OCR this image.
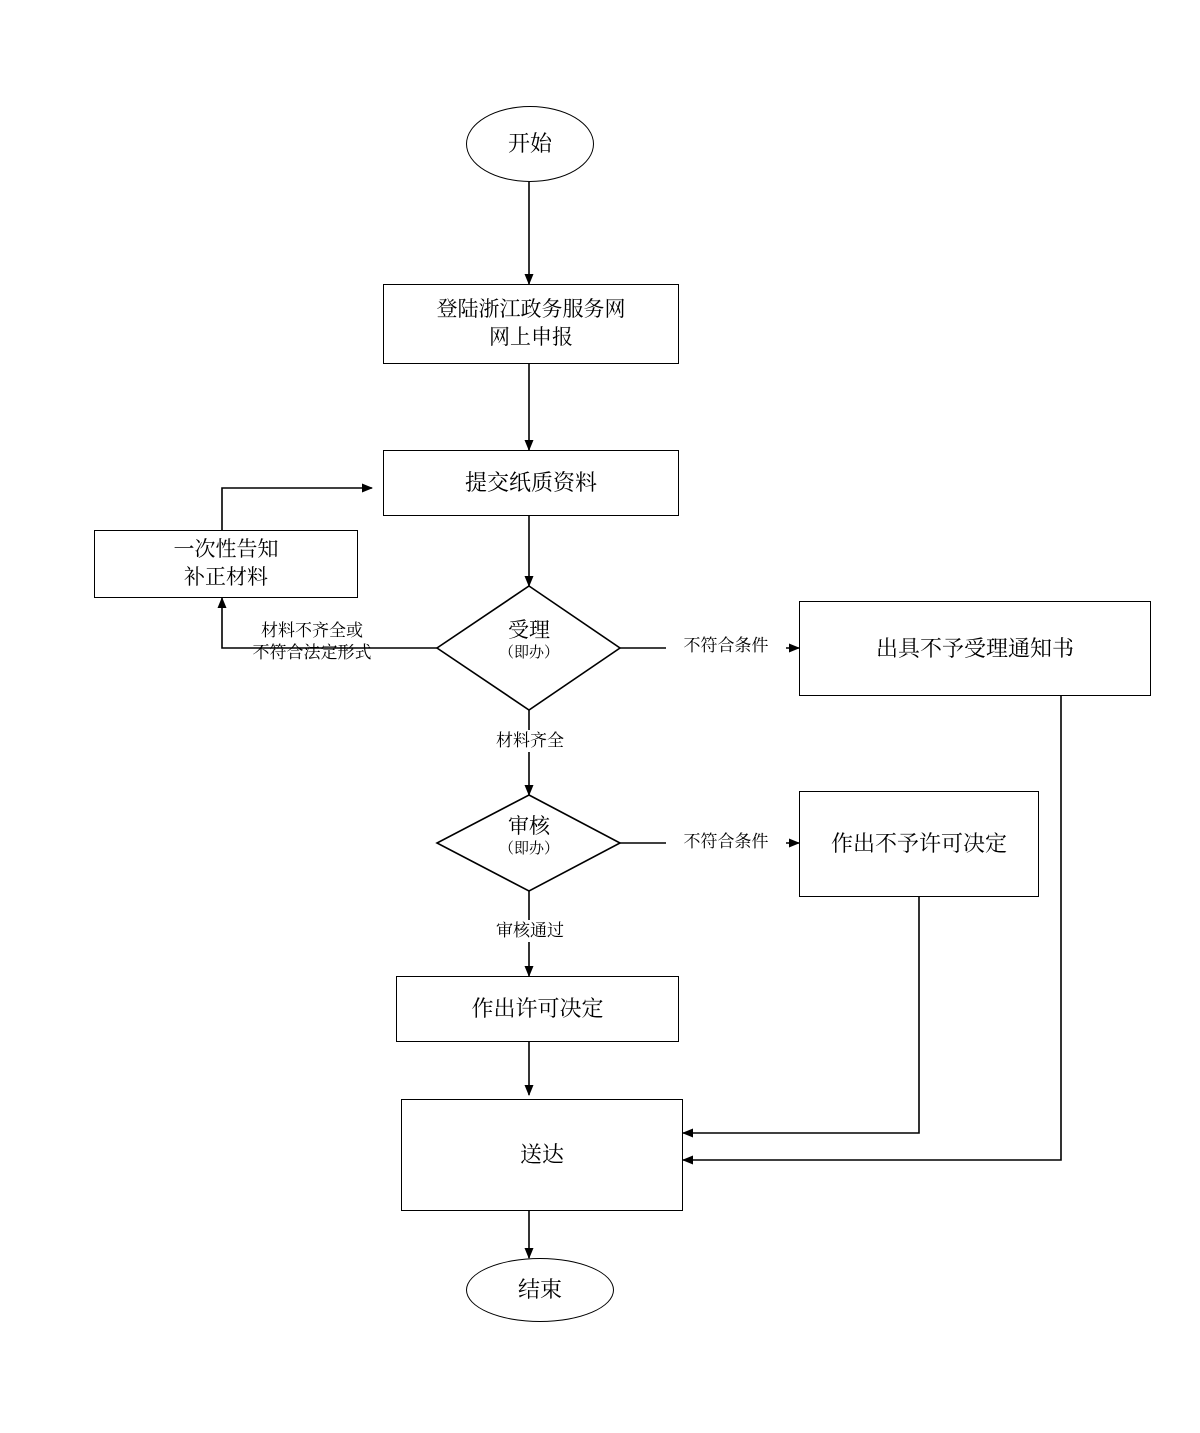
开始
登陆浙江政务服务网
网上申报
提交纸质资料
一次性告知
补正材料
受理
（即办）	出具不予受理通知书
审核
（即办）	作出不予许可决定
作出许可决定
送达
结束
材料不齐全或
不符合法定形式	不符合条件
材料齐全
不符合条件
审核通过
